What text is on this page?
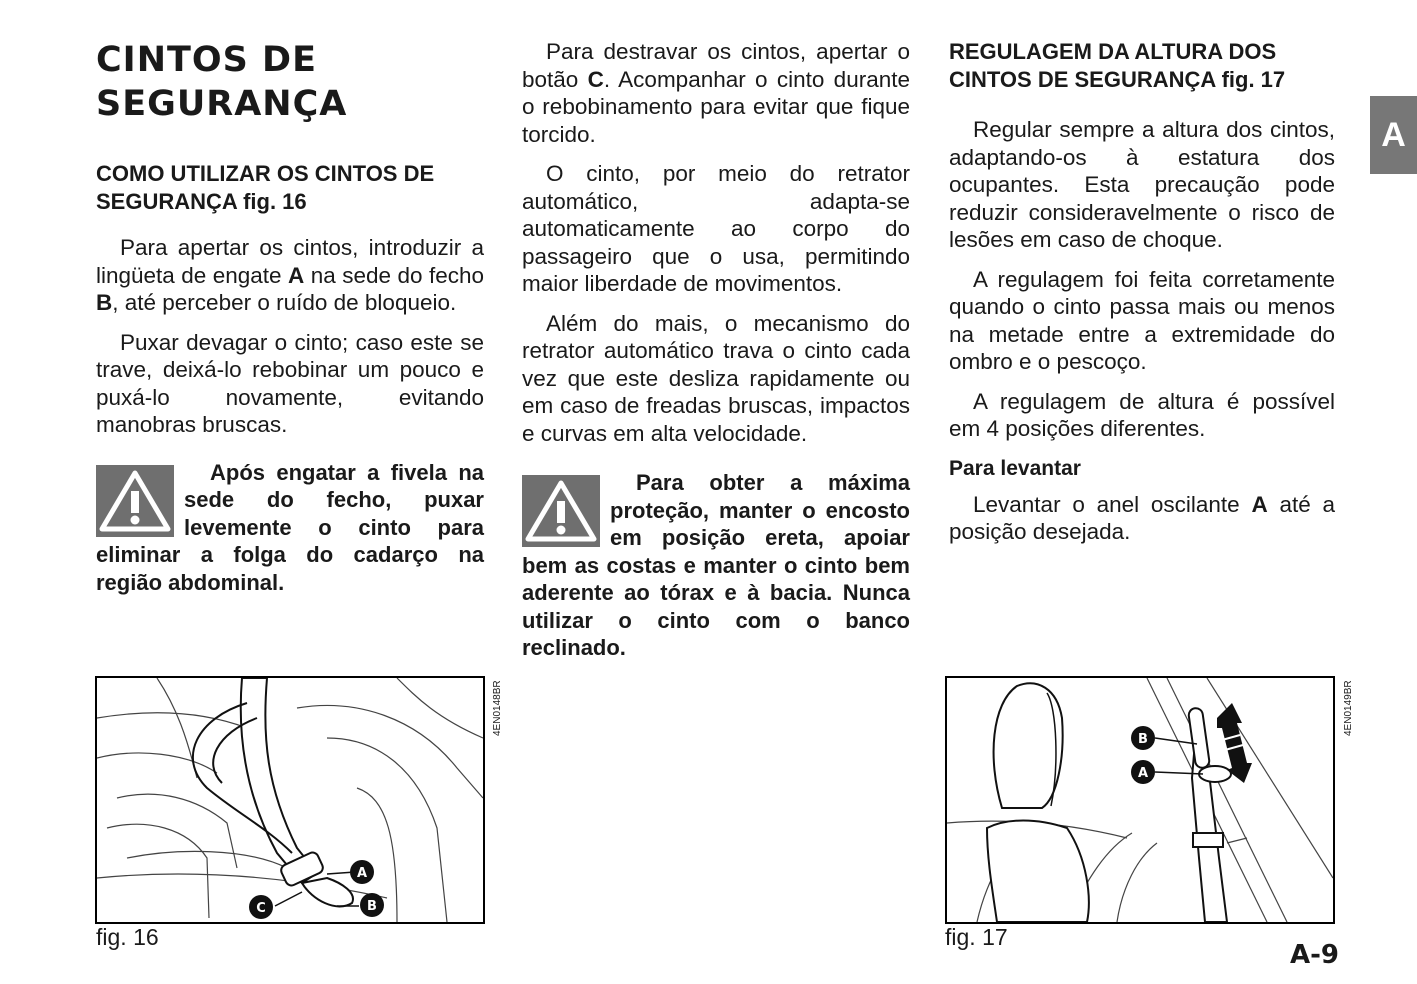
CINTOS DE
SEGURANÇA
COMO UTILIZAR OS CINTOS DE
SEGURANÇA fig. 16

Para apertar os cintos, introduzir a lingüeta de engate A na sede do fecho B, até perceber o ruído de bloqueio.

Puxar devagar o cinto; caso este se trave, deixá-lo rebobinar um pouco e puxá-lo novamente, evitando manobras bruscas.

Após engatar a fivela na sede do fecho, puxar levemente o cinto para eliminar a folga do cadarço na região abdominal.

Para destravar os cintos, apertar o botão C. Acompanhar o cinto durante o rebobinamento para evitar que fique torcido.

O cinto, por meio do retrator automático, adapta-se automaticamente ao corpo do passageiro que o usa, permitindo maior liberdade de movimentos.

Além do mais, o mecanismo do retrator automático trava o cinto cada vez que este desliza rapidamente ou em caso de freadas bruscas, impactos e curvas em alta velocidade.

Para obter a máxima proteção, manter o encosto em posição ereta, apoiar bem as costas e manter o cinto bem aderente ao tórax e à bacia. Nunca utilizar o cinto com o banco reclinado.
REGULAGEM DA ALTURA DOS
CINTOS DE SEGURANÇA fig. 17

Regular sempre a altura dos cintos, adaptando-os à estatura dos ocupantes. Esta precaução pode reduzir consideravelmente o risco de lesões em caso de choque.

A regulagem foi feita corretamente quando o cinto passa mais ou menos na metade entre a extremidade do ombro e o pescoço.

A regulagem de altura é possível em 4 posições diferentes.

Para levantar

Levantar o anel oscilante A até a posição desejada.

A
A
B
C
fig. 16
4EN0148BR
B
A
fig. 17
4EN0149BR
A-9
